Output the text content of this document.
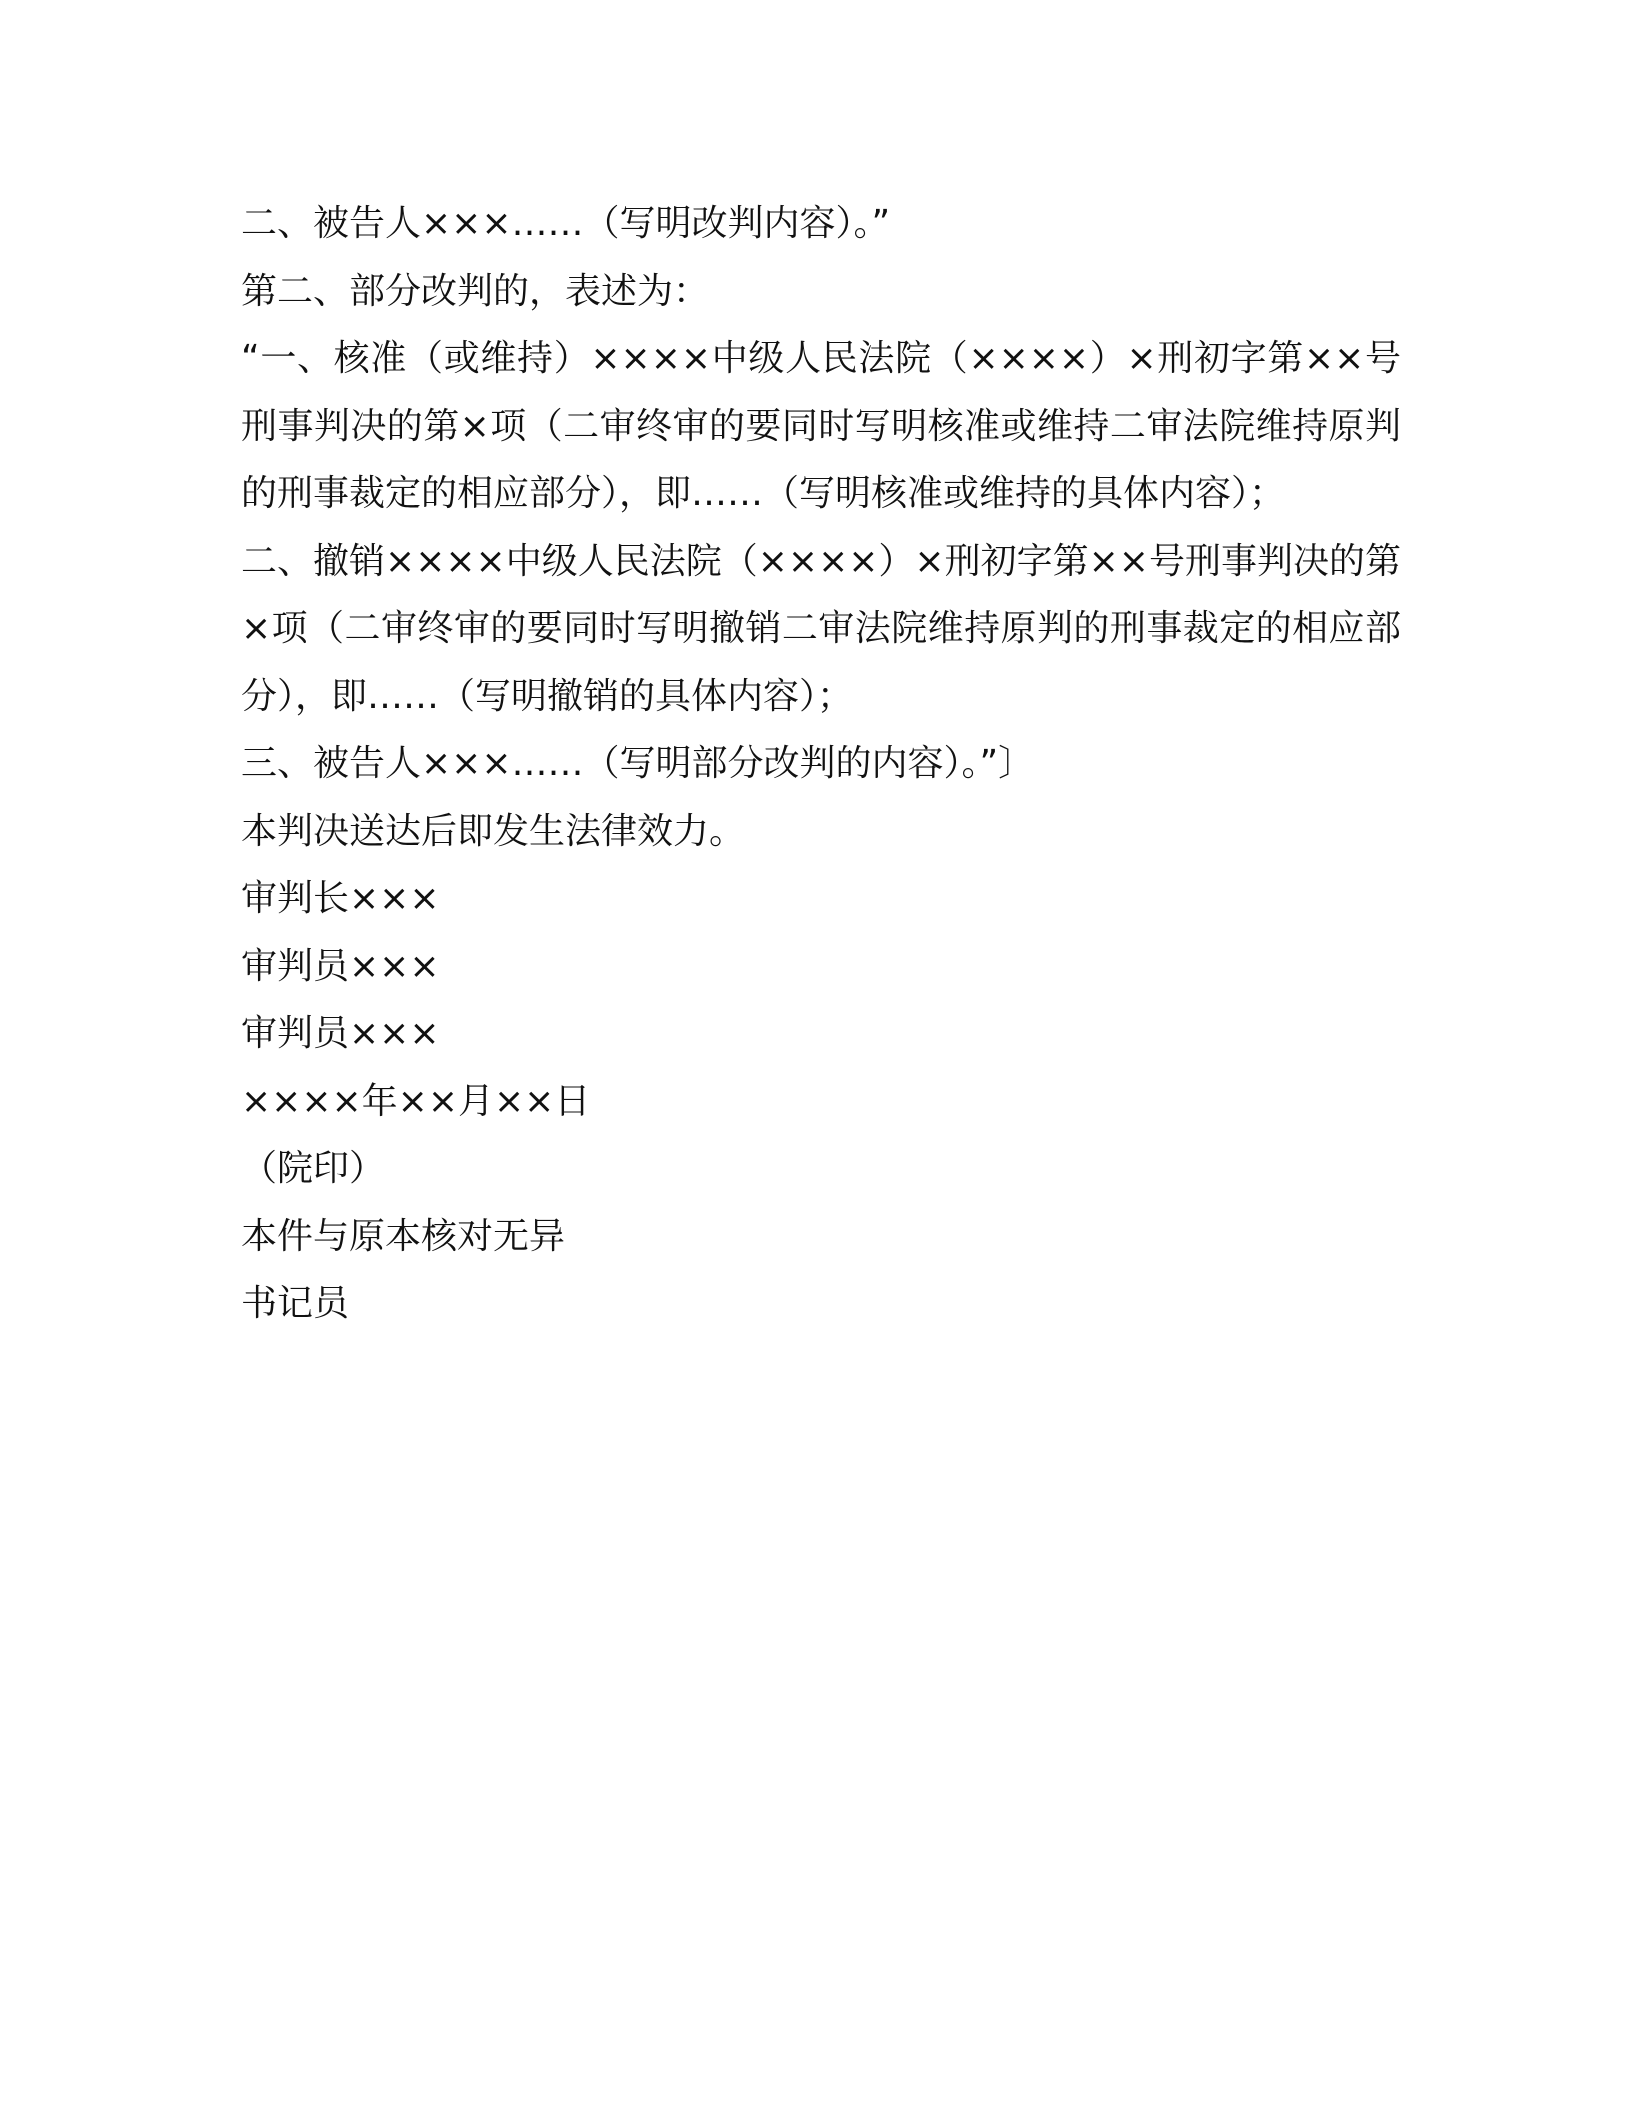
二、被告人×××……（写明改判内容）。”

第二、部分改判的，表述为：

“一、核准（或维持）××××中级人民法院（××××）×刑初字第××号刑事判决的第×项（二审终审的要同时写明核准或维持二审法院维持原判的刑事裁定的相应部分），即……（写明核准或维持的具体内容）；

二、撤销××××中级人民法院（××××）×刑初字第××号刑事判决的第×项（二审终审的要同时写明撤销二审法院维持原判的刑事裁定的相应部分），即……（写明撤销的具体内容）；

三、被告人×××……（写明部分改判的内容）。”〕

本判决送达后即发生法律效力。

审判长×××

审判员×××

审判员×××

××××年××月××日

（院印）

本件与原本核对无异

书记员
